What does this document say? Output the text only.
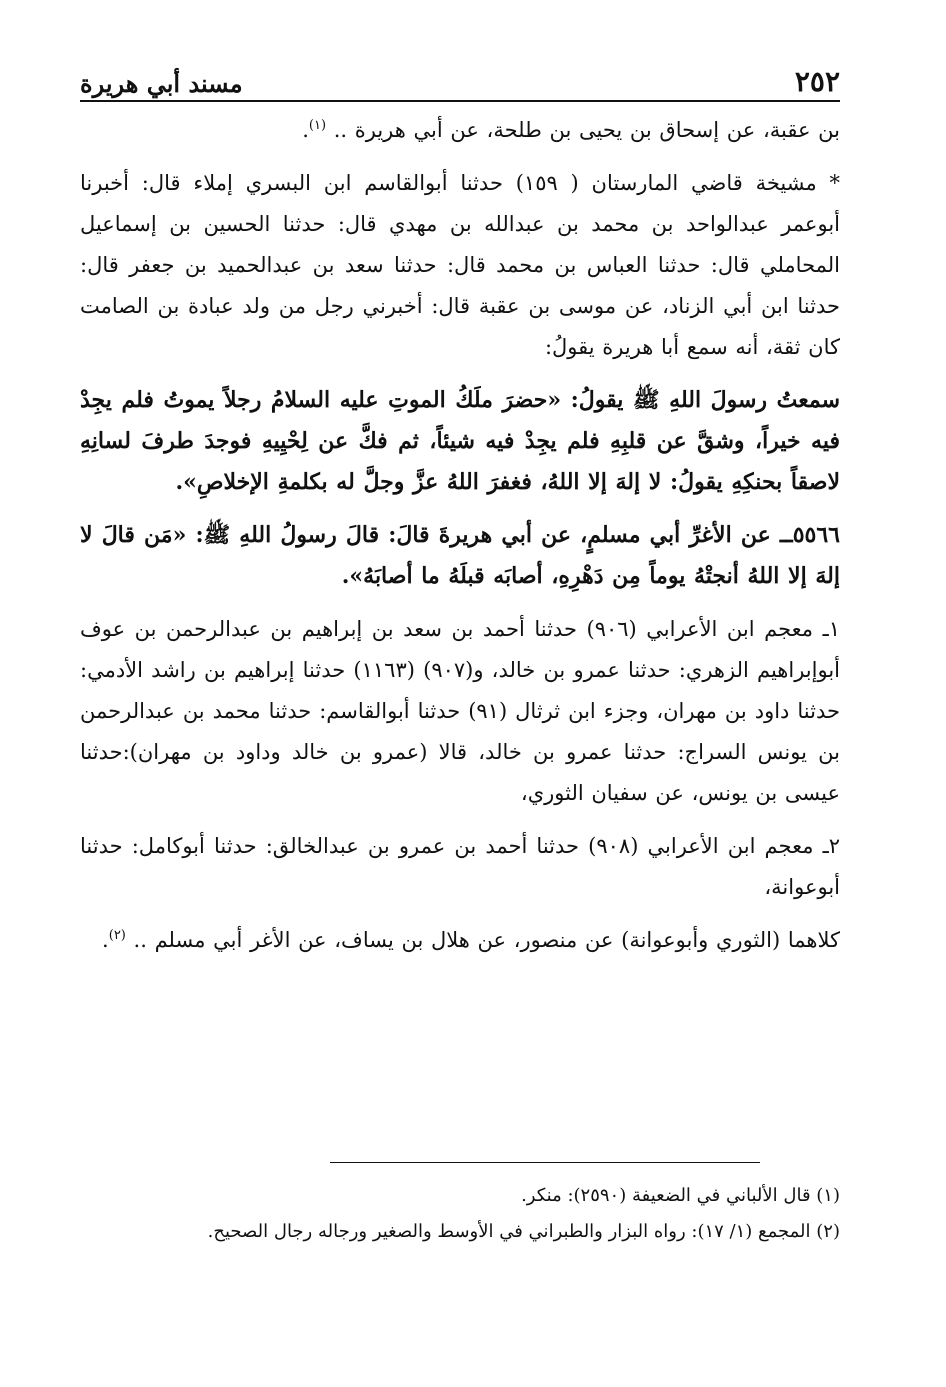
٢٥٢
مسند أبي هريرة

بن عقبة، عن إسحاق بن يحيى بن طلحة، عن أبي هريرة .. $^{(١)}$.

* مشيخة قاضي المارستان ( ١٥٩) حدثنا أبوالقاسم ابن البسري إملاء قال: أخبرنا أبوعمر عبدالواحد بن محمد بن عبدالله بن مهدي قال: حدثنا الحسين بن إسماعيل المحاملي قال: حدثنا العباس بن محمد قال: حدثنا سعد بن عبدالحميد بن جعفر قال: حدثنا ابن أبي الزناد، عن موسى بن عقبة قال: أخبرني رجل من ولد عبادة بن الصامت كان ثقة، أنه سمع أبا هريرة يقولُ:

سمعتُ رسولَ اللهِ ﷺ يقولُ: «حضرَ ملَكُ الموتِ عليه السلامُ رجلاً يموتُ فلم يجِدْ فيه خيراً، وشقَّ عن قلبِهِ فلم يجِدْ فيه شيئاً، ثم فكَّ عن لِحْيِيهِ فوجدَ طرفَ لسانِهِ لاصقاً بحنكِهِ يقولُ: لا إلهَ إلا اللهُ، فغفرَ اللهُ عزَّ وجلَّ له بكلمةِ الإخلاصِ».

٥٥٦٦ــ عن الأغرِّ أبي مسلمٍ، عن أبي هريرةَ قالَ: قالَ رسولُ اللهِ ﷺ: «مَن قالَ لا إلهَ إلا اللهُ أنجتْهُ يوماً مِن دَهْرِهِ، أصابَه قبلَهُ ما أصابَهُ».

١ـ معجم ابن الأعرابي (٩٠٦) حدثنا أحمد بن سعد بن إبراهيم بن عبدالرحمن بن عوف أبوإبراهيم الزهري: حدثنا عمرو بن خالد، و(٩٠٧) (١١٦٣) حدثنا إبراهيم بن راشد الأدمي: حدثنا داود بن مهران، وجزء ابن ثرثال (٩١) حدثنا أبوالقاسم: حدثنا محمد بن عبدالرحمن بن يونس السراج: حدثنا عمرو بن خالد، قالا (عمرو بن خالد وداود بن مهران):حدثنا عيسى بن يونس، عن سفيان الثوري،

٢ـ معجم ابن الأعرابي (٩٠٨) حدثنا أحمد بن عمرو بن عبدالخالق: حدثنا أبوكامل: حدثنا أبوعوانة،

كلاهما (الثوري وأبوعوانة) عن منصور، عن هلال بن يساف، عن الأغر أبي مسلم .. $^{(٢)}$.

(١) قال الألباني في الضعيفة (٢٥٩٠): منكر.
(٢) المجمع (١/ ١٧): رواه البزار والطبراني في الأوسط والصغير ورجاله رجال الصحيح.
